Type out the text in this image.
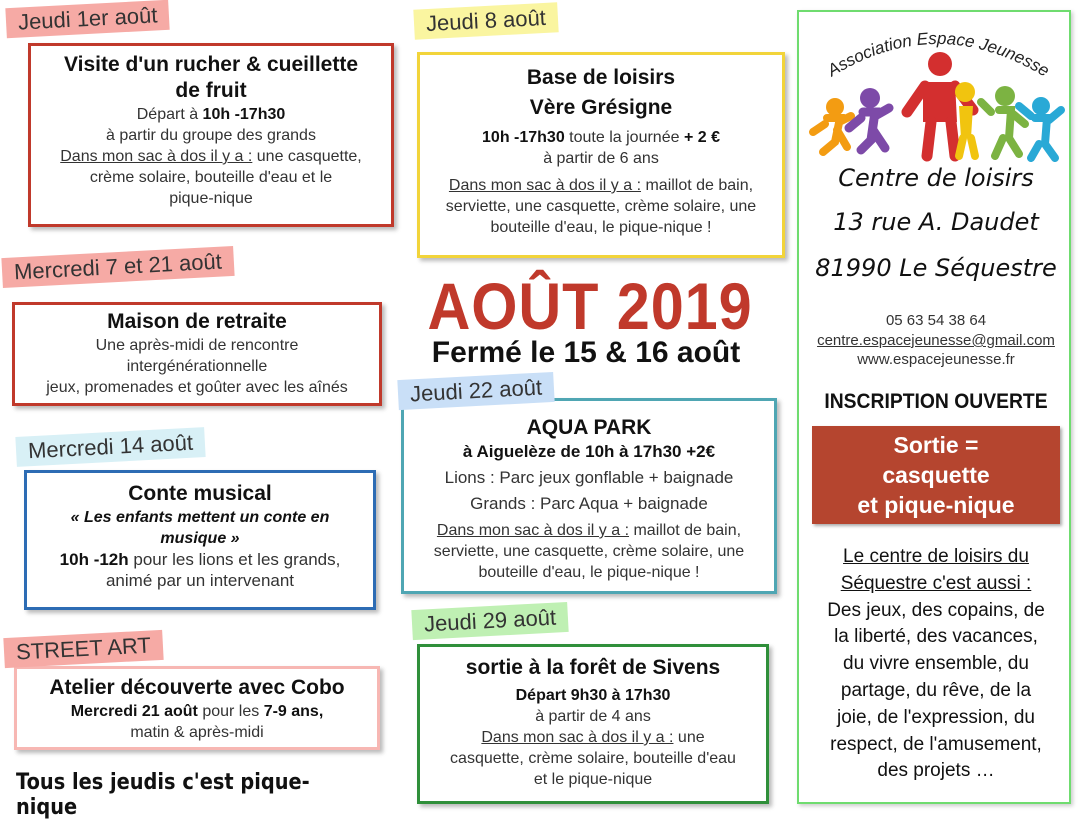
Jeudi 1er août
Visite d'un rucher & cueillette
de fruit
Départ à 10h -17h30
à partir du groupe des grands
Dans mon sac à dos il y a : une casquette,
crème solaire, bouteille d'eau et le
pique-nique
Jeudi 8 août
Base de loisirs
Vère Grésigne
10h -17h30 toute la journée + 2 €
à partir de 6 ans
Dans mon sac à dos il y a : maillot de bain,
serviette, une casquette, crème solaire, une
bouteille d'eau, le pique-nique !
Mercredi 7 et 21 août
Maison de retraite
Une après-midi de rencontre
intergénérationnelle
jeux, promenades et goûter avec les aînés
AOÛT 2019
Fermé le 15 & 16 août
AQUA PARK
à Aiguelèze de 10h à 17h30 +2€
Lions : Parc jeux gonflable + baignade
Grands : Parc Aqua + baignade
Dans mon sac à dos il y a : maillot de bain,
serviette, une casquette, crème solaire, une
bouteille d'eau, le pique-nique !
Jeudi 22 août
Conte musical
« Les enfants mettent un conte en
musique »
10h -12h pour les lions et les grands,
animé par un intervenant
Mercredi 14 août
Atelier découverte avec Cobo
Mercredi 21 août pour les 7-9 ans,
matin & après-midi
STREET ART
sortie à la forêt de Sivens
Départ 9h30 à 17h30
à partir de 4 ans
Dans mon sac à dos il y a : une
casquette, crème solaire, bouteille d'eau
et le pique-nique
Jeudi 29 août
Tous les jeudis c'est pique-nique
Association Espace Jeunesse
Centre de loisirs
13 rue A. Daudet
81990 Le Séquestre
05 63 54 38 64
centre.espacejeunesse@gmail.com
www.espacejeunesse.fr
INSCRIPTION OUVERTE
Sortie =
casquette
et pique-nique
Le centre de loisirs du
Séquestre c'est aussi :
Des jeux, des copains, de
la liberté, des vacances,
du vivre ensemble, du
partage, du rêve, de la
joie, de l'expression, du
respect, de l'amusement,
des projets …
